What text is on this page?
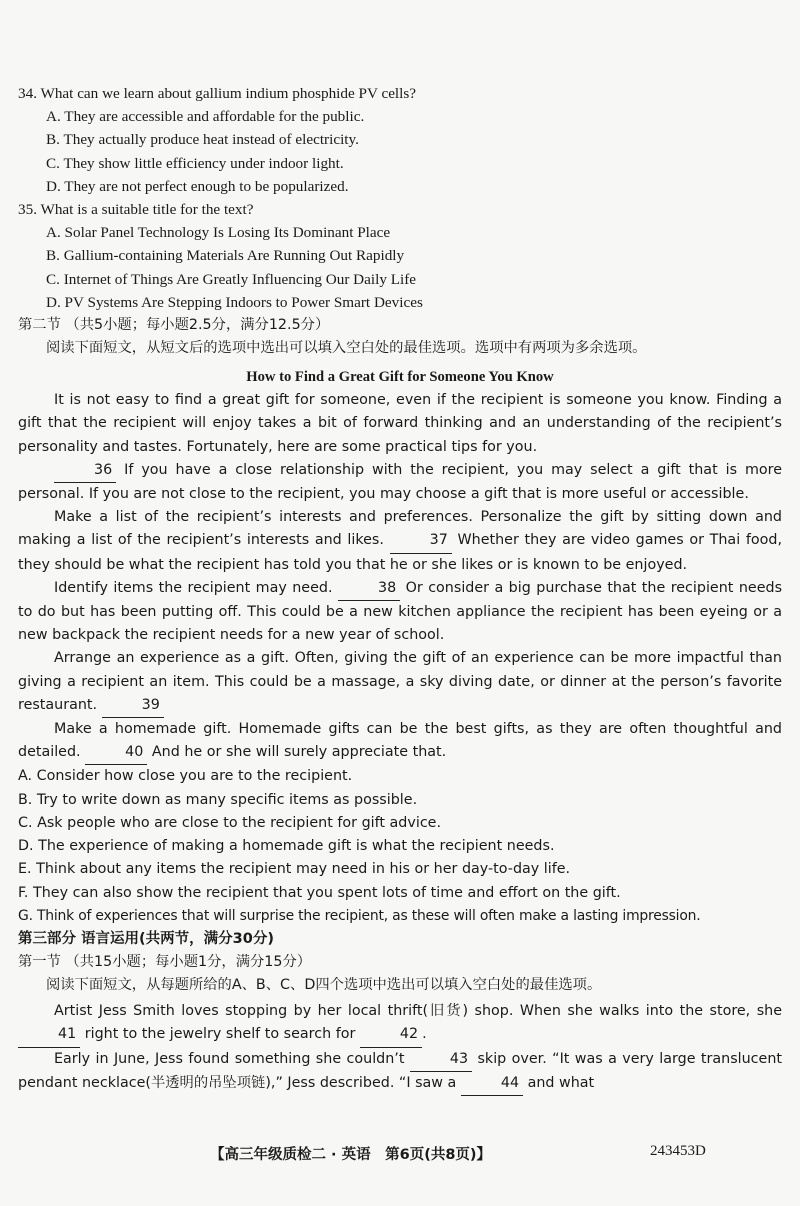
34. What can we learn about gallium indium phosphide PV cells?
A. They are accessible and affordable for the public.
B. They actually produce heat instead of electricity.
C. They show little efficiency under indoor light.
D. They are not perfect enough to be popularized.
35. What is a suitable title for the text?
A. Solar Panel Technology Is Losing Its Dominant Place
B. Gallium-containing Materials Are Running Out Rapidly
C. Internet of Things Are Greatly Influencing Our Daily Life
D. PV Systems Are Stepping Indoors to Power Smart Devices
第二节 （共5小题；每小题2.5分，满分12.5分）
阅读下面短文，从短文后的选项中选出可以填入空白处的最佳选项。选项中有两项为多余选项。
How to Find a Great Gift for Someone You Know

It is not easy to find a great gift for someone, even if the recipient is someone you know. Finding a gift that the recipient will enjoy takes a bit of forward thinking and an understanding of the recipient’s personality and tastes. Fortunately, here are some practical tips for you.

36 If you have a close relationship with the recipient, you may select a gift that is more personal. If you are not close to the recipient, you may choose a gift that is more useful or accessible.

Make a list of the recipient’s interests and preferences. Personalize the gift by sitting down and making a list of the recipient’s interests and likes.	37 Whether they are video games or Thai food, they should be what the recipient has told you that he or she likes or is known to be enjoyed.

Identify items the recipient may need.	38 Or consider a big purchase that the recipient needs to do but has been putting off. This could be a new kitchen appliance the recipient has been eyeing or a new backpack the recipient needs for a new year of school.

Arrange an experience as a gift. Often, giving the gift of an experience can be more impactful than giving a recipient an item. This could be a massage, a sky diving date, or dinner at the person’s favorite restaurant.	39

Make a homemade gift. Homemade gifts can be the best gifts, as they are often thoughtful and detailed.	40 And he or she will surely appreciate that.

A. Consider how close you are to the recipient.
B. Try to write down as many specific items as possible.
C. Ask people who are close to the recipient for gift advice.
D. The experience of making a homemade gift is what the recipient needs.
E. Think about any items the recipient may need in his or her day-to-day life.
F. They can also show the recipient that you spent lots of time and effort on the gift.
G. Think of experiences that will surprise the recipient, as these will often make a lasting impression.
第三部分 语言运用(共两节，满分30分)
第一节 （共15小题；每小题1分，满分15分）
阅读下面短文，从每题所给的A、B、C、D四个选项中选出可以填入空白处的最佳选项。

Artist Jess Smith loves stopping by her local thrift(旧货) shop. When she walks into the store, she 41 right to the jewelry shelf to search for	42 .

Early in June, Jess found something she couldn’t	43 skip over. “It was a very large translucent pendant necklace(半透明的吊坠项链),” Jess described. “I saw a	44 and what

【高三年级质检二 · 英语　第6页(共8页)】	243453D
